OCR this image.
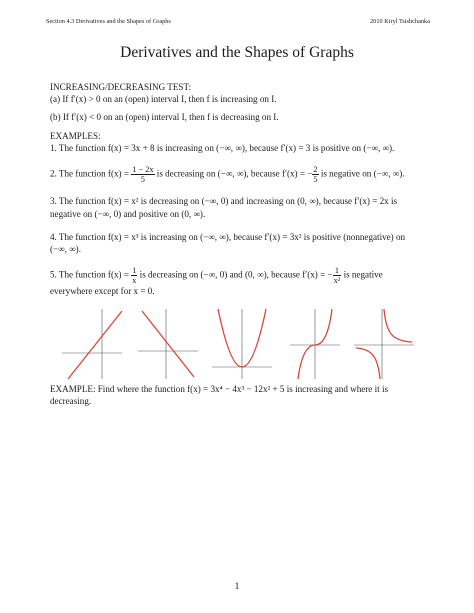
Section 4.3 Derivatives and the Shapes of Graphs	2010 Kiryl Tsishchanka
Derivatives and the Shapes of Graphs

INCREASING/DECREASING TEST:

(a) If f′(x) > 0 on an (open) interval I, then f is increasing on I.

(b) If f′(x) < 0 on an (open) interval I, then f is decreasing on I.

EXAMPLES:

1. The function f(x) = 3x + 8 is increasing on (−∞, ∞), because f′(x) = 3 is positive on (−∞, ∞).

2. The function $f(x) = \frac{1 - 2x}{5}$ is decreasing on (−∞, ∞), because f′(x) = − $\frac{2}{5}$ is negative on (−∞, ∞).

3. The function f(x) = x² is decreasing on (−∞, 0) and increasing on (0, ∞), because f′(x) = 2x is negative on (−∞, 0) and positive on (0, ∞).

4. The function f(x) = x³ is increasing on (−∞, ∞), because f′(x) = 3x² is positive (nonnegative) on (−∞, ∞).

5. The function $f(x) = \frac{1}{x}$ is decreasing on (−∞, 0) and (0, ∞), because f′(x) = − $\frac{1}{\text{x²}}$ is negative everywhere except for x = 0.

EXAMPLE: Find where the function f(x) = 3x⁴ − 4x³ − 12x² + 5 is increasing and where it is decreasing.
1
